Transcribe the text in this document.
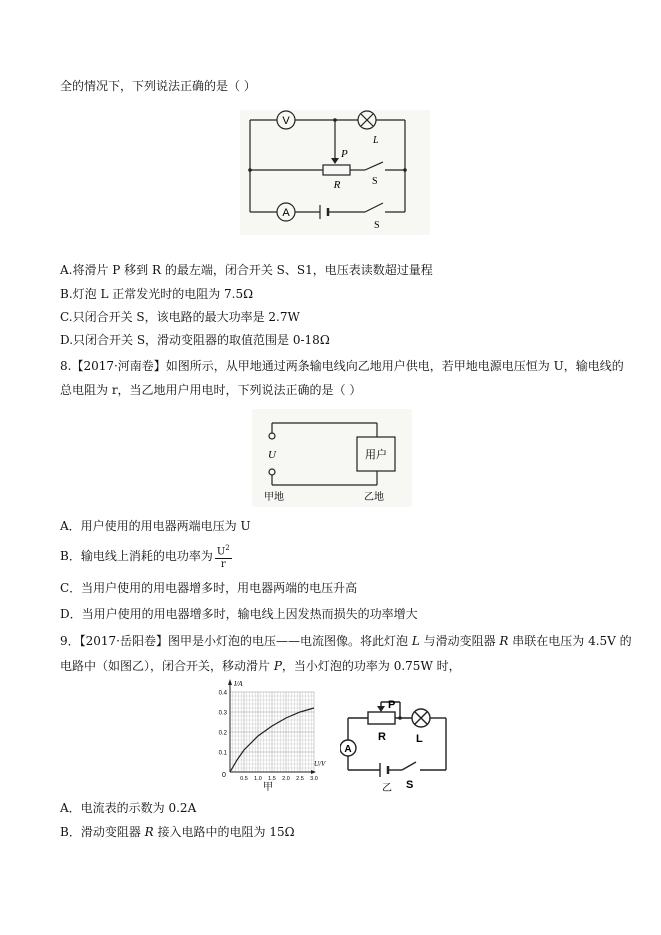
全的情况下，下列说法正确的是（ ）
V
A
L
P
R	S
S
A.将滑片 P 移到 R 的最左端，闭合开关 S、S1，电压表读数超过量程
B.灯泡 L 正常发光时的电阻为 7.5Ω
C.只闭合开关 S，该电路的最大功率是 2.7W
D.只闭合开关 S，滑动变阻器的取值范围是 0-18Ω
8.【2017·河南卷】如图所示，从甲地通过两条输电线向乙地用户供电，若甲地电源电压恒为 U，输电线的
总电阻为 r，当乙地用户用电时，下列说法正确的是（ ）
U	用户
甲地	乙地
A．用户使用的用电器两端电压为 U
B．输电线上消耗的电功率为 $\frac{U^2}{r}$
C．当用户使用的用电器增多时，用电器两端的电压升高
D．当用户使用的用电器增多时，输电线上因发热而损失的功率增大
9．【2017·岳阳卷】图甲是小灯泡的电压——电流图像。将此灯泡 L 与滑动变阻器 R 串联在电压为 4.5V 的
电路中（如图乙），闭合开关，移动滑片 P，当小灯泡的功率为 0.75W 时，
0.1
0.2
0.3
0.4
0.5 1.0 1.5 2.0 2.5 3.0
I/A
U/V
0
甲
P
R	L
A
S
乙
A．电流表的示数为 0.2A
B．滑动变阻器 R 接入电路中的电阻为 15Ω
